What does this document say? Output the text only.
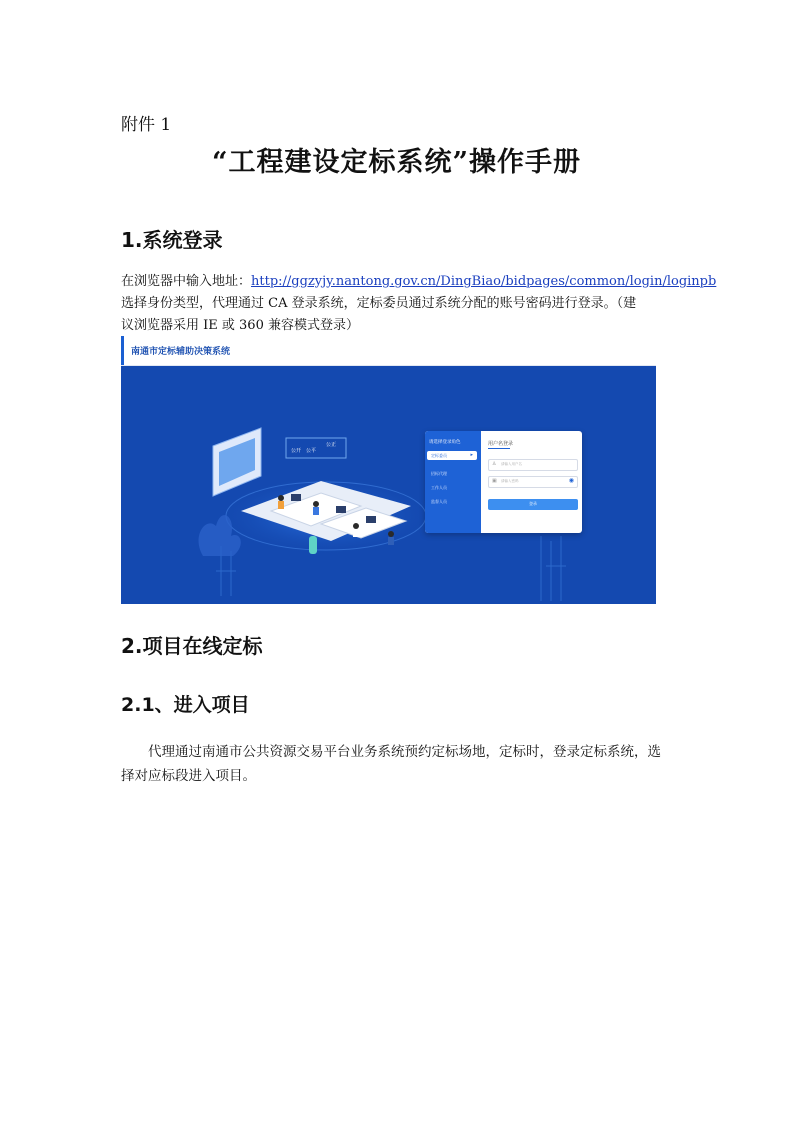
附件 1
“工程建设定标系统”操作手册
1.系统登录
在浏览器中输入地址：http://ggzyjy.nantong.gov.cn/DingBiao/bidpages/common/login/loginpb
选择身份类型，代理通过 CA 登录系统，定标委员通过系统分配的账号密码进行登录。（建
议浏览器采用 IE 或 360 兼容模式登录）
南通市定标辅助决策系统
公开 公平
公正	请选择登录角色
定标委员	▸
招标代理
工作人员
监督人员
用户名登录
♙ 请输入用户名
▣ 请输入密码	◉
登录
2.项目在线定标
2.1、进入项目
代理通过南通市公共资源交易平台业务系统预约定标场地，定标时，登录定标系统，选
择对应标段进入项目。
